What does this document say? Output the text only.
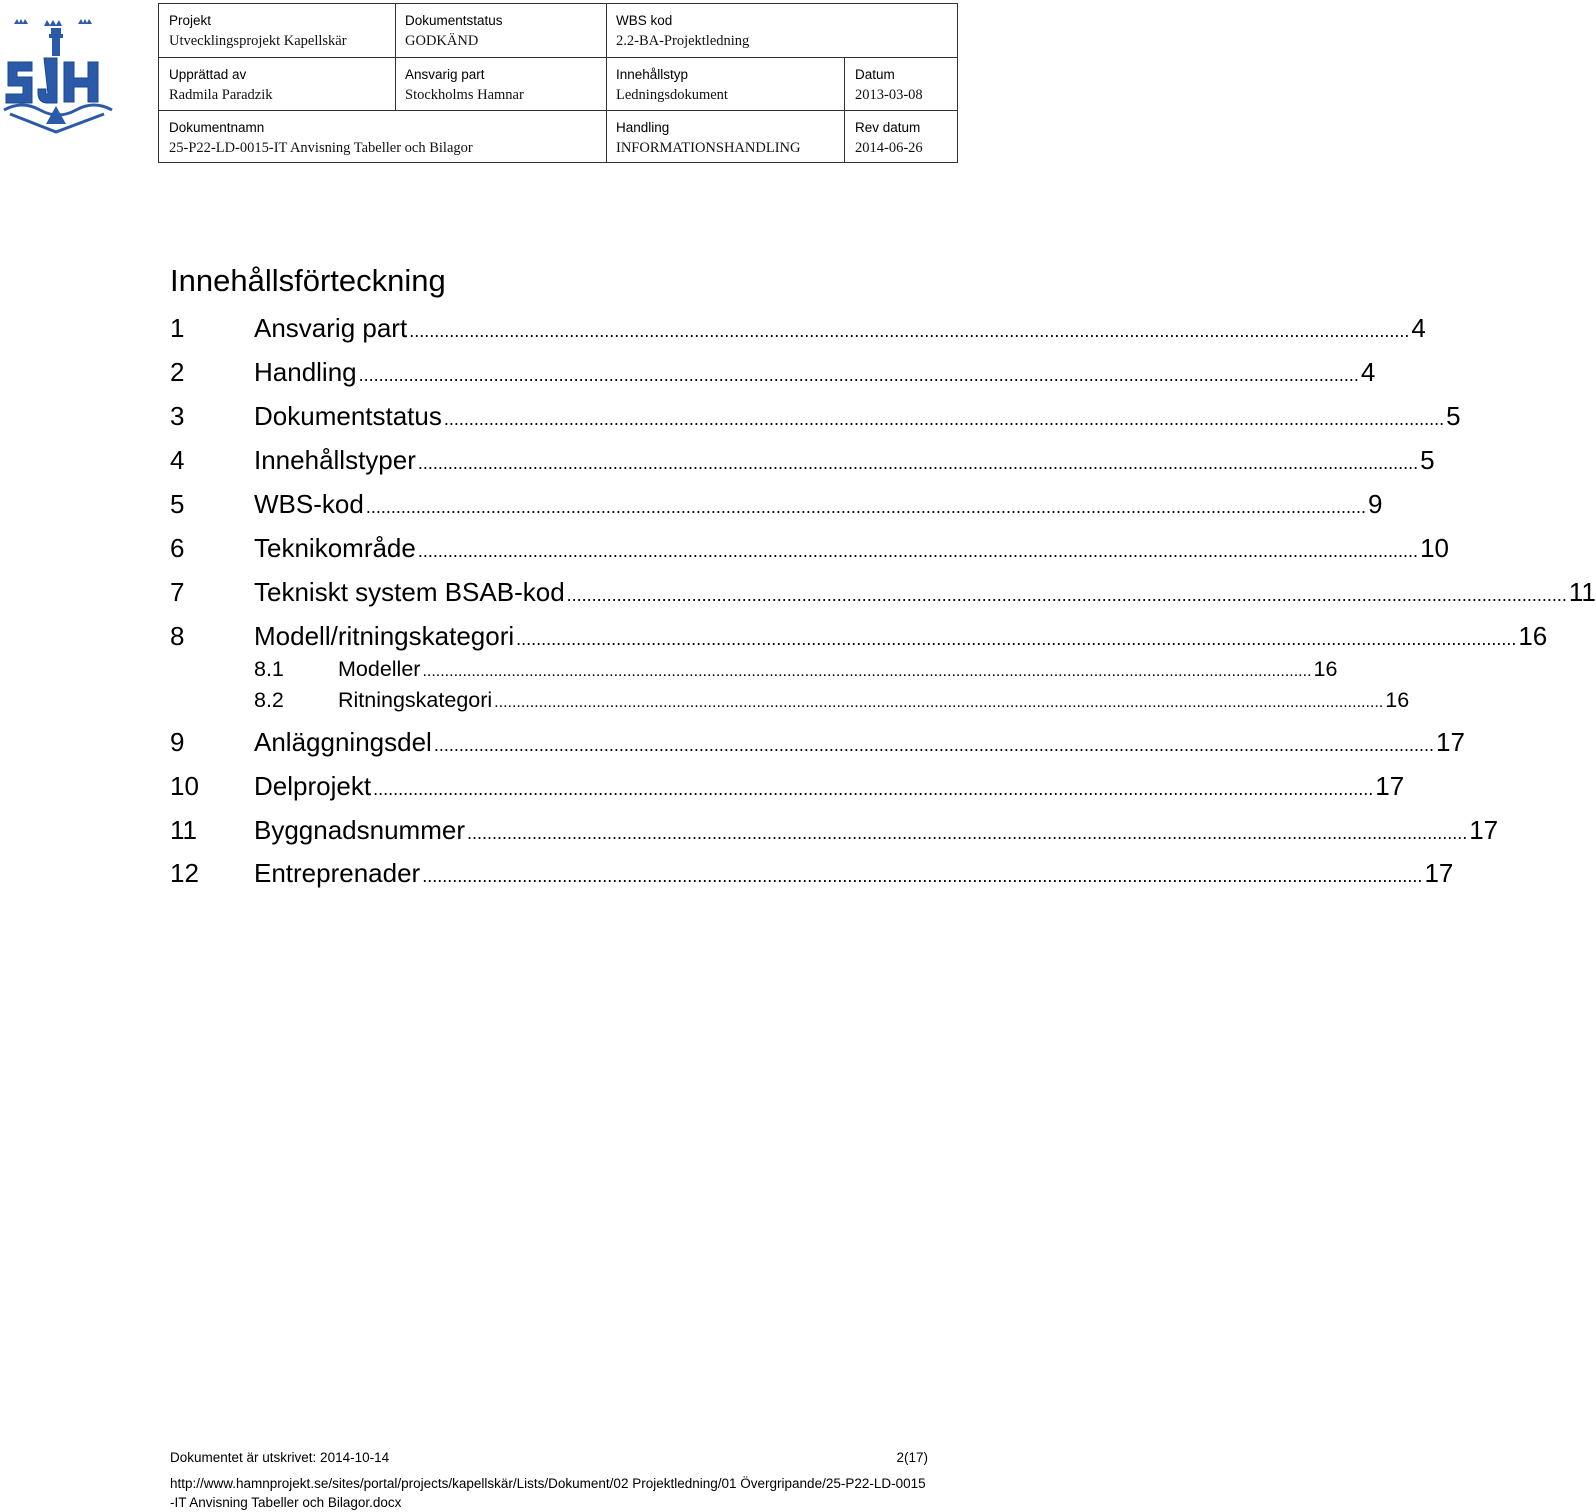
Projekt
Utvecklingsprojekt Kapellskär
Dokumentstatus
GODKÄND
WBS kod
2.2-BA-Projektledning
Upprättad av
Radmila Paradzik
Ansvarig part
Stockholms Hamnar
Innehållstyp
Ledningsdokument
Datum
2013-03-08
Dokumentnamn
25-P22-LD-0015-IT Anvisning Tabeller och Bilagor
Handling
INFORMATIONSHANDLING
Rev datum
2014-06-26
Innehållsförteckning
1	Ansvarig part ........................................................................................................................................................................................................ 4
2	Handling ........................................................................................................................................................................................................ 4
3	Dokumentstatus ........................................................................................................................................................................................................ 5
4	Innehållstyper ........................................................................................................................................................................................................ 5
5	WBS-kod ........................................................................................................................................................................................................ 9
6	Teknikområde ........................................................................................................................................................................................................ 10
7	Tekniskt system BSAB-kod ........................................................................................................................................................................................................ 11
8	Modell/ritningskategori ........................................................................................................................................................................................................ 16
8.1	Modeller ........................................................................................................................................................................................................ 16
8.2	Ritningskategori ........................................................................................................................................................................................................ 16
9	Anläggningsdel ........................................................................................................................................................................................................ 17
10 Delprojekt ........................................................................................................................................................................................................ 17
11 Byggnadsnummer ........................................................................................................................................................................................................ 17
12 Entreprenader ........................................................................................................................................................................................................ 17
Dokumentet är utskrivet: 2014-10-14	2(17)
http://www.hamnprojekt.se/sites/portal/projects/kapellskär/Lists/Dokument/02 Projektledning/01 Övergripande/25-P22-LD-0015-IT Anvisning Tabeller och Bilagor.docx
